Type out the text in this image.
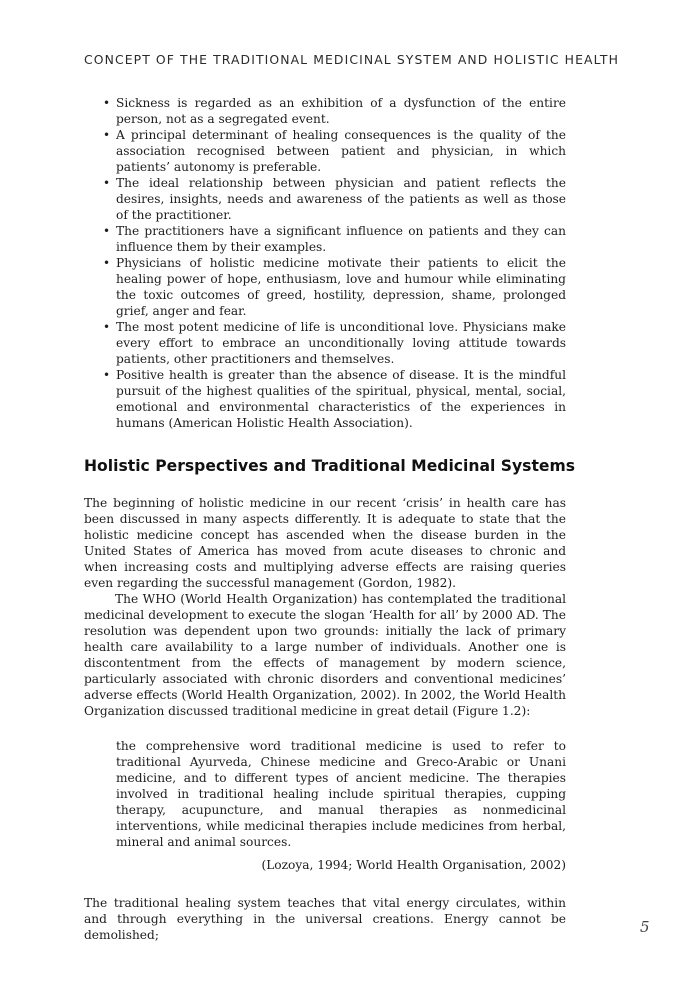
CONCEPT OF THE TRADITIONAL MEDICINAL SYSTEM AND HOLISTIC HEALTH
• Sickness is regarded as an exhibition of a dysfunction of the entire person, not as a segregated event.
• A principal determinant of healing consequences is the quality of the association recognised between patient and physician, in which patients’ autonomy is preferable.
• The ideal relationship between physician and patient reflects the desires, insights, needs and awareness of the patients as well as those of the practitioner.
• The practitioners have a significant influence on patients and they can influence them by their examples.
• Physicians of holistic medicine motivate their patients to elicit the healing power of hope, enthusiasm, love and humour while eliminating the toxic outcomes of greed, hostility, depression, shame, prolonged grief, anger and fear.
• The most potent medicine of life is unconditional love. Physicians make every effort to embrace an unconditionally loving attitude towards patients, other practitioners and themselves.
• Positive health is greater than the absence of disease. It is the mindful pursuit of the highest qualities of the spiritual, physical, mental, social, emotional and environmental characteristics of the experiences in humans (American Holistic Health Association).
Holistic Perspectives and Traditional Medicinal Systems

The beginning of holistic medicine in our recent ‘crisis’ in health care has been discussed in many aspects differently. It is adequate to state that the holistic medicine concept has ascended when the disease burden in the United States of America has moved from acute diseases to chronic and when increasing costs and multiplying adverse effects are raising queries even regarding the successful management (Gordon, 1982).

The WHO (World Health Organization) has contemplated the traditional medicinal development to execute the slogan ‘Health for all’ by 2000 AD. The resolution was dependent upon two grounds: initially the lack of primary health care availability to a large number of individuals. Another one is discontentment from the effects of management by modern science, particularly associated with chronic disorders and conventional medicines’ adverse effects (World Health Organization, 2002). In 2002, the World Health Organization discussed traditional medicine in great detail (Figure 1.2):

the comprehensive word traditional medicine is used to refer to traditional Ayurveda, Chinese medicine and Greco-Arabic or Unani medicine, and to different types of ancient medicine. The therapies involved in traditional healing include spiritual therapies, cupping therapy, acupuncture, and manual therapies as nonmedicinal interventions, while medicinal therapies include medicines from herbal, mineral and animal sources.
(Lozoya, 1994; World Health Organisation, 2002)

The traditional healing system teaches that vital energy circulates, within and through everything in the universal creations. Energy cannot be demolished;	5
